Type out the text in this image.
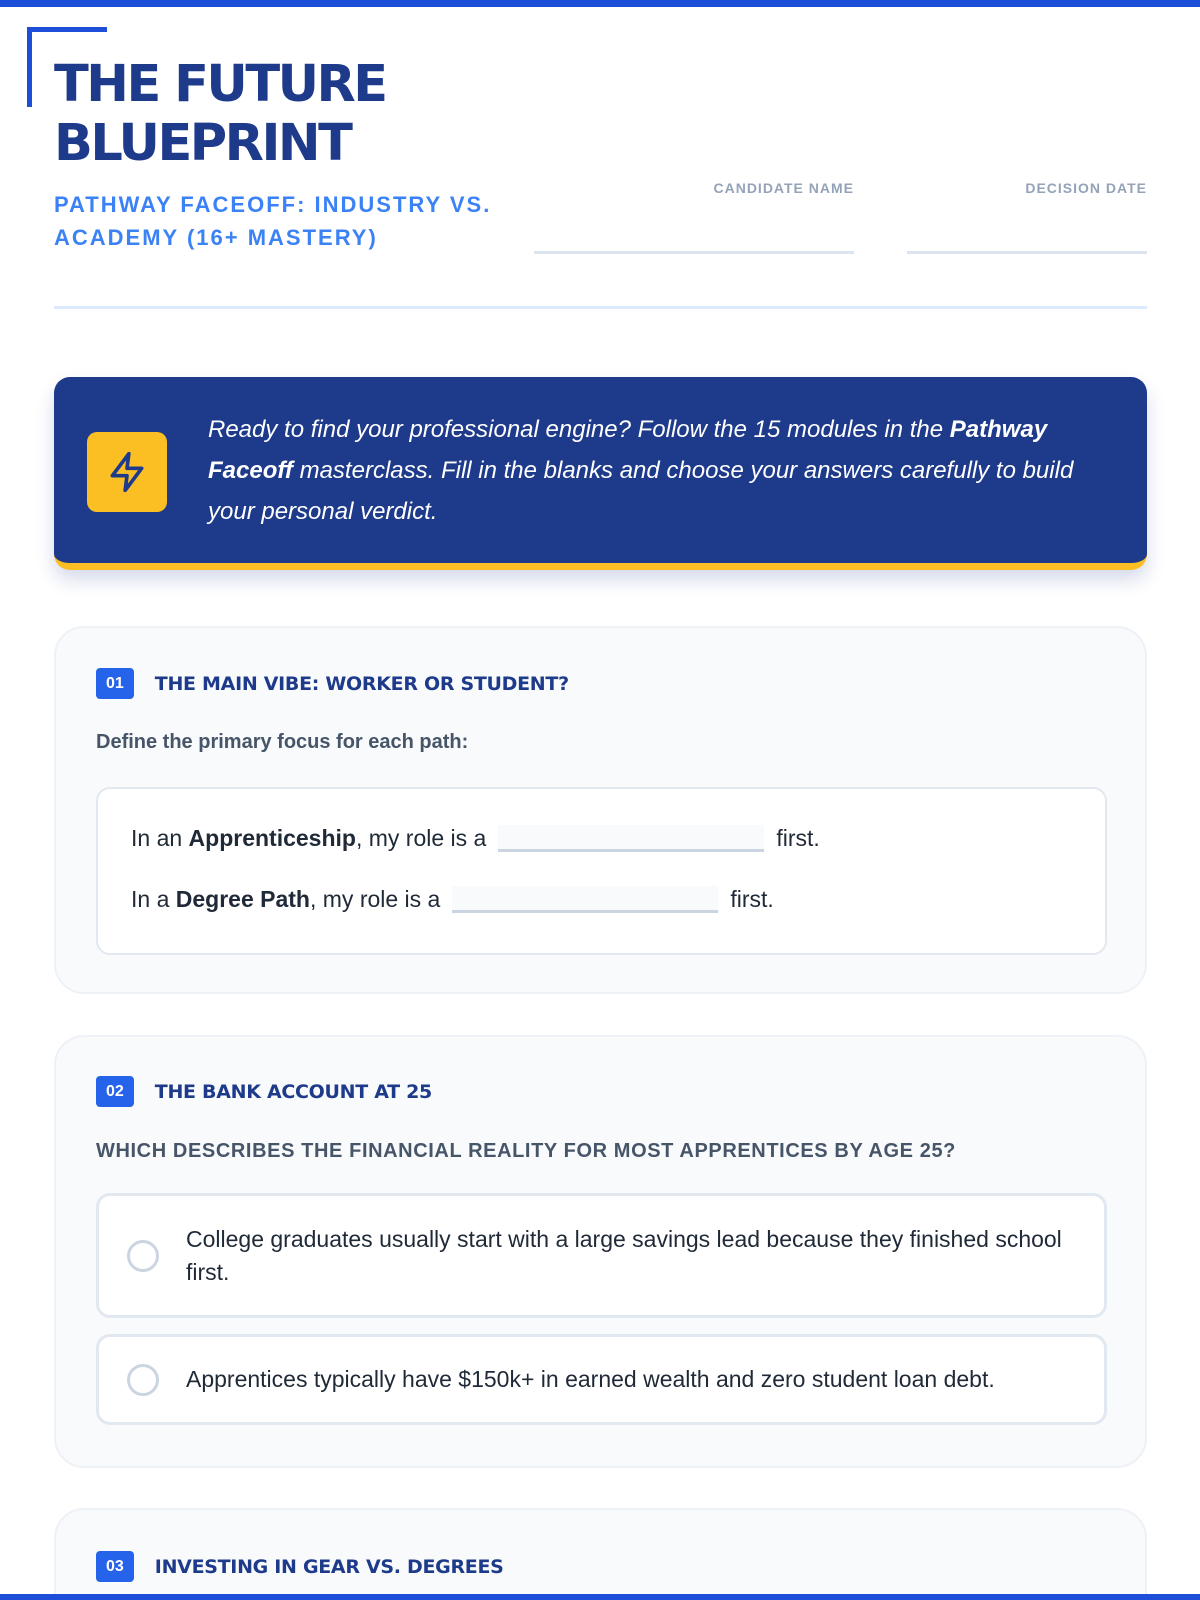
THE FUTURE
BLUEPRINT
PATHWAY FACEOFF: INDUSTRY VS. ACADEMY (16+ MASTERY)
CANDIDATE NAME	DECISION DATE

Ready to find your professional engine? Follow the 15 modules in the Pathway Faceoff masterclass. Fill in the blanks and choose your answers carefully to build your personal verdict.

01	THE MAIN VIBE: WORKER OR STUDENT?

Define the primary focus for each path:

In an
Apprenticeship , my role is a	first.
In a
Degree Path , my role is a	first.
02	THE BANK ACCOUNT AT 25

WHICH DESCRIBES THE FINANCIAL REALITY FOR MOST APPRENTICES BY AGE 25?

College graduates usually start with a large savings lead because they finished school first.

Apprentices typically have $150k+ in earned wealth and zero student loan debt.

03	INVESTING IN GEAR VS. DEGREES
